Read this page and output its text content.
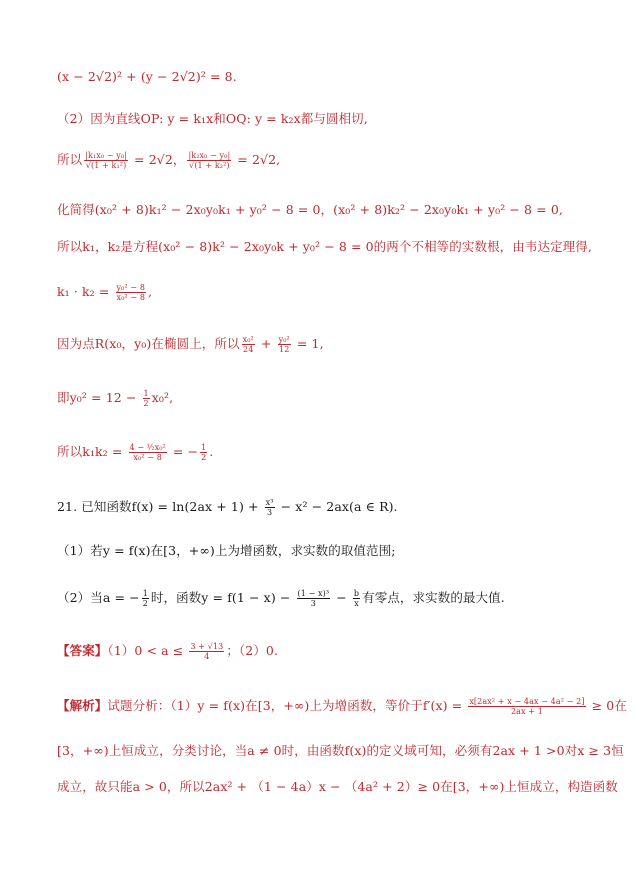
(x − 2√2)² + (y − 2√2)² = 8.
（2）因为直线OP: y = k₁x和OQ: y = k₂x都与圆相切,
所以 $\frac{\text{|k₁x₀ − y₀|}}{\text{√(1 + k₁²)}} = 2√2$， $\frac{\text{|k₂x₀ − y₀|}}{\text{√(1 + k₂²)}} = 2√2$,
化简得(x₀² + 8)k₁² − 2x₀y₀k₁ + y₀² − 8 = 0，(x₀² + 8)k₂² − 2x₀y₀k₁ + y₀² − 8 = 0,
所以k₁，k₂是方程(x₀² − 8)k² − 2x₀y₀k + y₀² − 8 = 0的两个不相等的实数根，由韦达定理得,
$k_1 \cdot k_2 = \frac{\text{y₀² − 8}}{\text{x₀² − 8}}$ ,
因为点R(x₀，y₀)在椭圆上，所以 $\frac{\text{x₀²}}{24} + \frac{\text{y₀²}}{12} = 1$,
即$y_0^2 = 12 - \frac{1}{2} x_0^2$,
所以$k_1k_2 = \frac{\text{4 − ½x₀²}}{\text{x₀² − 8}}$ = − $\frac{1}{2}$ .
21. 已知函数$f(x) = \ln(2ax + 1) + \frac{\text{x³}}{3} - x^2 - 2ax(a$ ∈ R).
（1）若y = f(x)在[3，+∞)上为增函数，求实数的取值范围;
（2）当a = − $\frac{1}{2}$ 时，函数$y = f(1 - x) - \frac{\text{(1 − x)³}}{3} - \frac{b}{x}$ 有零点，求实数的最大值.
【答案】$(1)0 < a \le \frac{3 + √13}{4}$ ；（2）0.
【解析】试题分析：（1）y = f(x)在[3，+∞)上为增函数，等价于$f'(x) = \frac{\text{x[2ax² + x − 4ax − 4a² − 2]}}{2ax + 1} \ge 0$在
[3，+∞)上恒成立，分类讨论，当a ≠ 0时，由函数f(x)的定义域可知，必须有2ax + 1 >0对x ≥ 3恒
成立，故只能a > 0，所以2ax² + （1 − 4a）x − （4a² + 2）≥ 0在[3，+∞)上恒成立，构造函数
